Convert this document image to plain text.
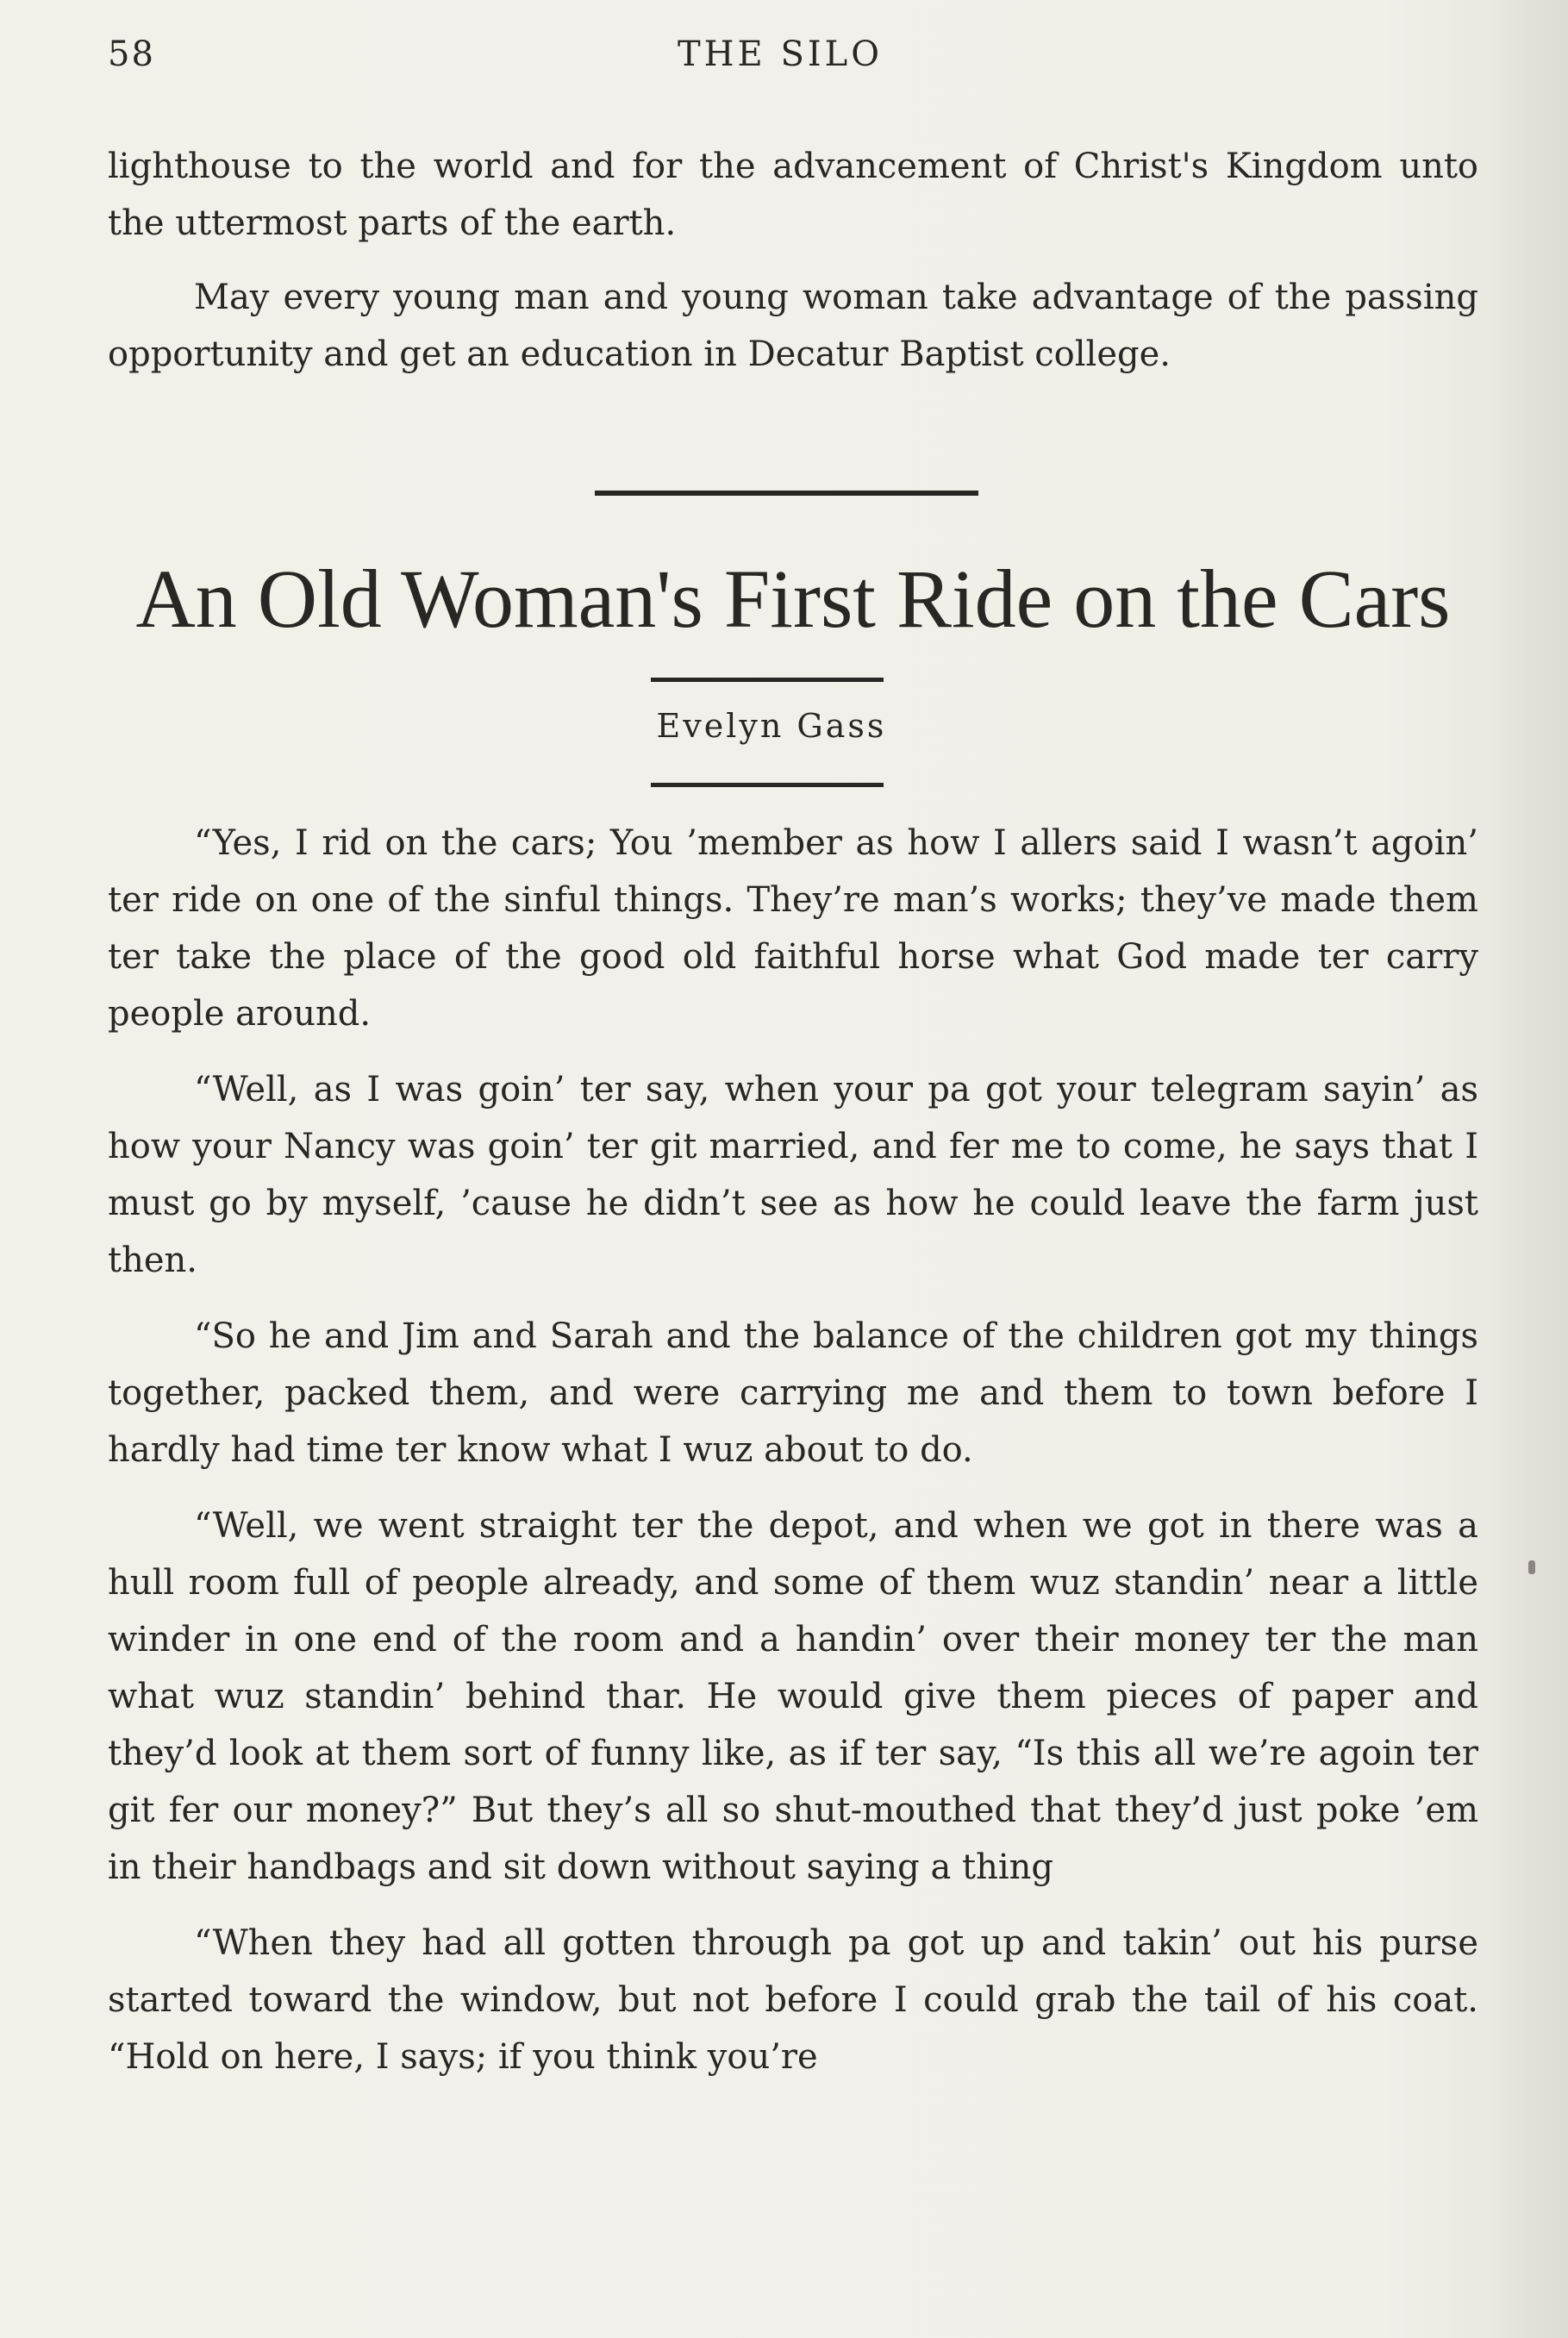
58	THE SILO

lighthouse to the world and for the advancement of Christ's Kingdom unto the uttermost parts of the earth.

May every young man and young woman take advantage of the passing opportunity and get an education in Decatur Baptist college.

An Old Woman's First Ride on the Cars
Evelyn Gass

“Yes, I rid on the cars; You ’member as how I allers said I wasn’t agoin’ ter ride on one of the sinful things. They’re man’s works; they’ve made them ter take the place of the good old faithful horse what God made ter carry people around.

“Well, as I was goin’ ter say, when your pa got your telegram sayin’ as how your Nancy was goin’ ter git married, and fer me to come, he says that I must go by myself, ’cause he didn’t see as how he could leave the farm just then.

“So he and Jim and Sarah and the balance of the children got my things together, packed them, and were carrying me and them to town before I hardly had time ter know what I wuz about to do.

“Well, we went straight ter the depot, and when we got in there was a hull room full of people already, and some of them wuz standin’ near a little winder in one end of the room and a handin’ over their money ter the man what wuz standin’ behind thar. He would give them pieces of paper and they’d look at them sort of funny like, as if ter say, “Is this all we’re agoin ter git fer our money?” But they’s all so shut-mouthed that they’d just poke ’em in their handbags and sit down without saying a thing

“When they had all gotten through pa got up and takin’ out his purse started toward the window, but not before I could grab the tail of his coat. “Hold on here, I says; if you think you’re
